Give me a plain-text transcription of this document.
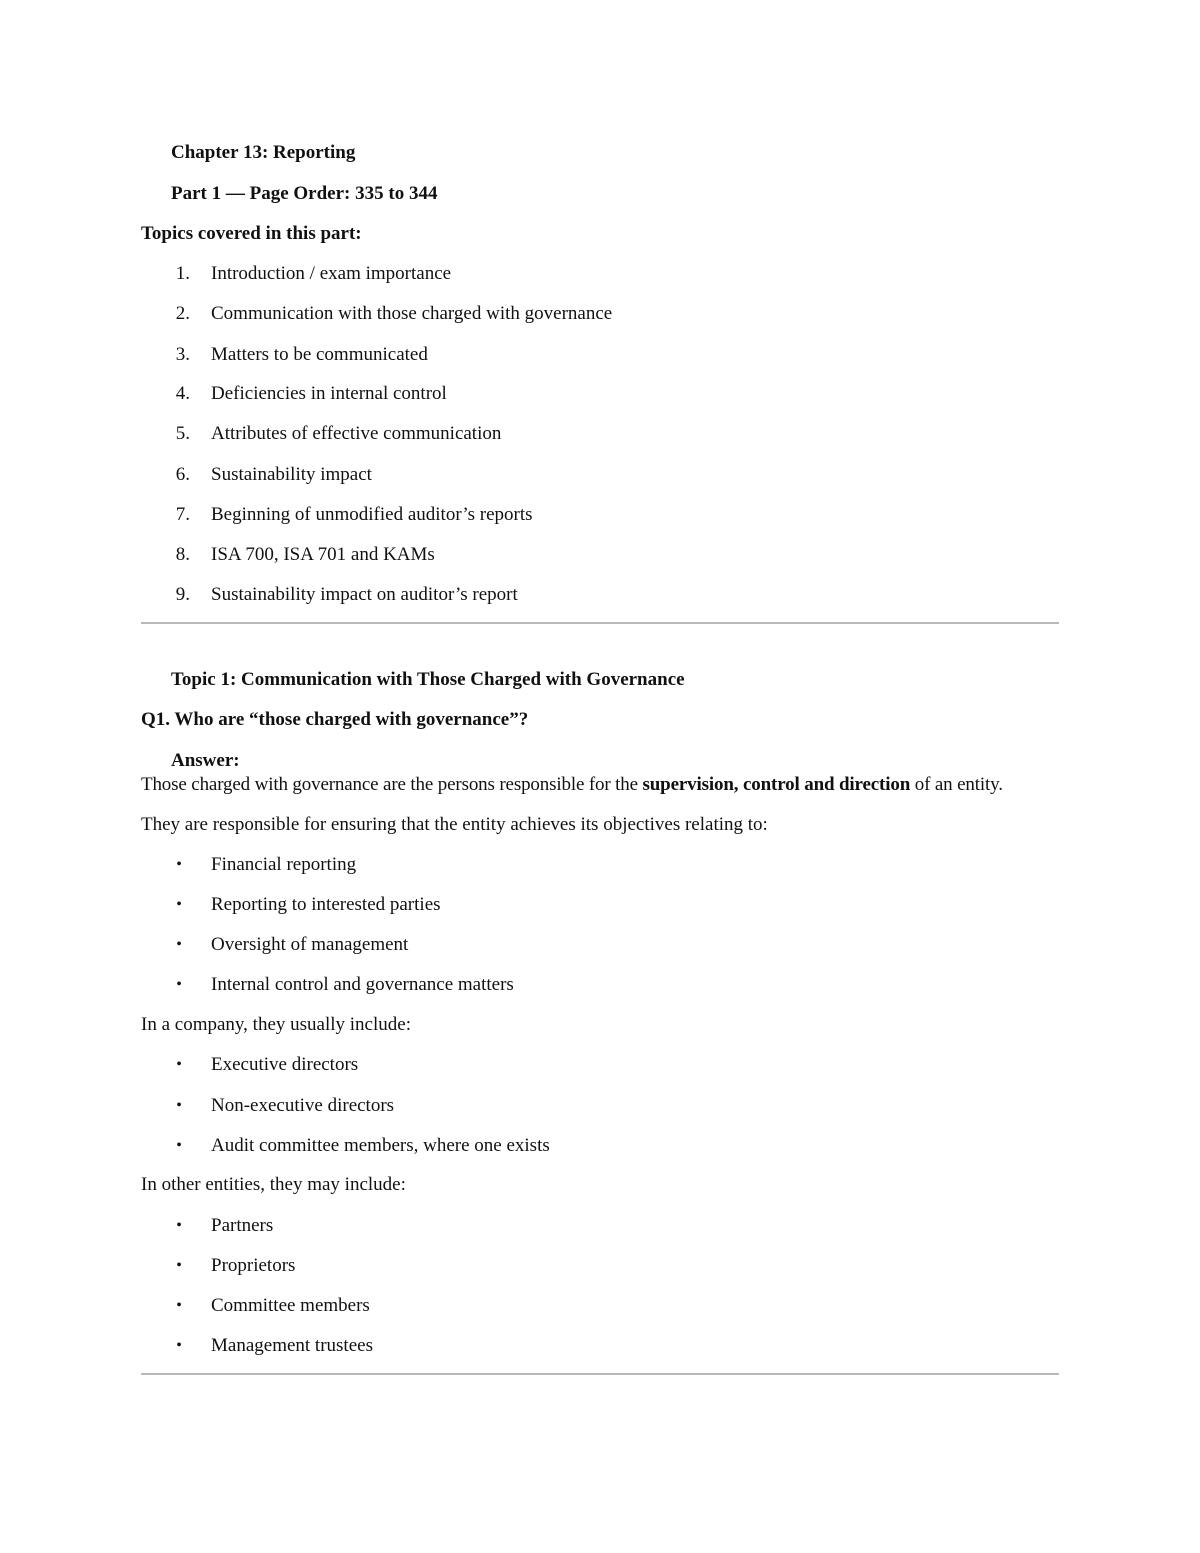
Chapter 13: Reporting
Part 1 — Page Order: 335 to 344
Topics covered in this part:
1. Introduction / exam importance
2. Communication with those charged with governance
3. Matters to be communicated
4. Deficiencies in internal control
5. Attributes of effective communication
6. Sustainability impact
7. Beginning of unmodified auditor’s reports
8. ISA 700, ISA 701 and KAMs
9. Sustainability impact on auditor’s report
Topic 1: Communication with Those Charged with Governance
Q1. Who are “those charged with governance”?
Answer:
Those charged with governance are the persons responsible for the supervision, control and direction of an entity.
They are responsible for ensuring that the entity achieves its objectives relating to:
• Financial reporting
• Reporting to interested parties
• Oversight of management
• Internal control and governance matters
In a company, they usually include:
• Executive directors
• Non-executive directors
• Audit committee members, where one exists
In other entities, they may include:
• Partners
• Proprietors
• Committee members
• Management trustees
